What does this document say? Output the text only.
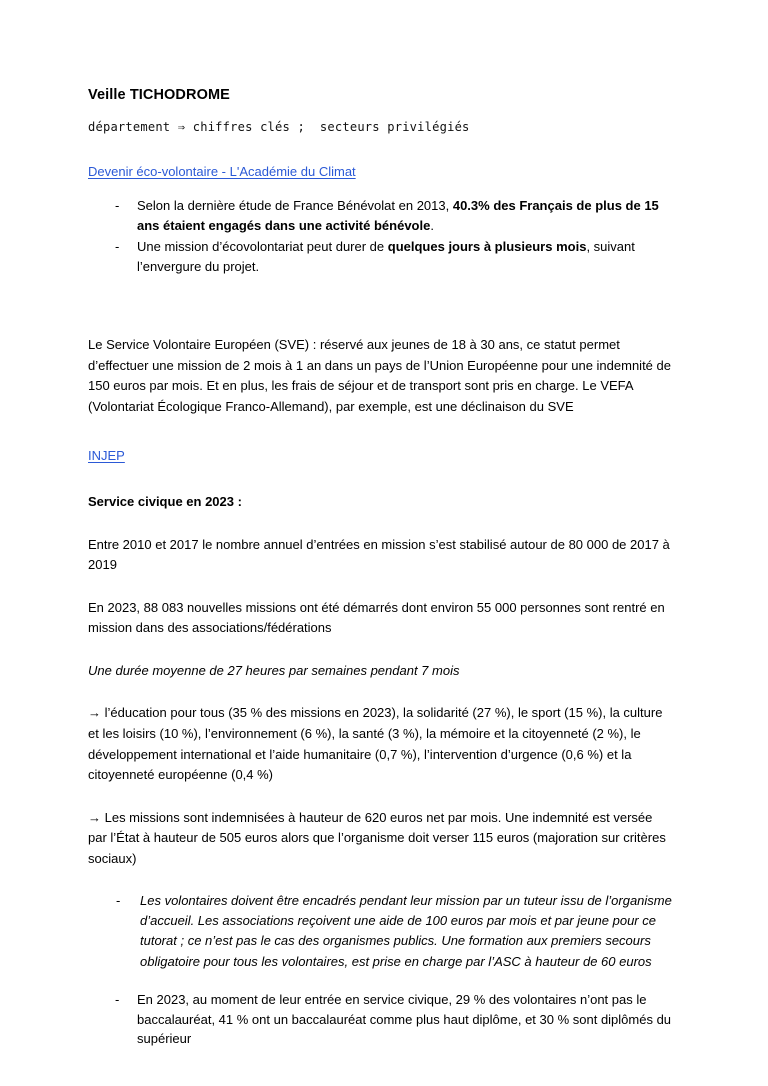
Veille TICHODROME
département ⇒ chiffres clés ;  secteurs privilégiés
Devenir éco-volontaire - L'Académie du Climat
- Selon la dernière étude de France Bénévolat en 2013, 40.3% des Français de plus de 15 ans étaient engagés dans une activité bénévole.
- Une mission d’écovolontariat peut durer de quelques jours à plusieurs mois, suivant l’envergure du projet.

Le Service Volontaire Européen (SVE) : réservé aux jeunes de 18 à 30 ans, ce statut permet d’effectuer une mission de 2 mois à 1 an dans un pays de l’Union Européenne pour une indemnité de 150 euros par mois. Et en plus, les frais de séjour et de transport sont pris en charge. Le VEFA (Volontariat Écologique Franco-Allemand), par exemple, est une déclinaison du SVE

INJEP

Service civique en 2023 :

Entre 2010 et 2017 le nombre annuel d’entrées en mission s’est stabilisé autour de 80 000 de 2017 à 2019

En 2023, 88 083 nouvelles missions ont été démarrés dont environ 55 000 personnes sont rentré en mission dans des associations/fédérations

Une durée moyenne de 27 heures par semaines pendant 7 mois

→ l’éducation pour tous (35 % des missions en 2023), la solidarité (27 %), le sport (15 %), la culture et les loisirs (10 %), l’environnement (6 %), la santé (3 %), la mémoire et la citoyenneté (2 %), le développement international et l’aide humanitaire (0,7 %), l’intervention d’urgence (0,6 %) et la citoyenneté européenne (0,4 %)

→ Les missions sont indemnisées à hauteur de 620 euros net par mois. Une indemnité est versée par l’État à hauteur de 505 euros alors que l’organisme doit verser 115 euros (majoration sur critères sociaux)

- Les volontaires doivent être encadrés pendant leur mission par un tuteur issu de l’organisme d’accueil. Les associations reçoivent une aide de 100 euros par mois et par jeune pour ce tutorat ; ce n’est pas le cas des organismes publics. Une formation aux premiers secours obligatoire pour tous les volontaires, est prise en charge par l’ASC à hauteur de 60 euros
- En 2023, au moment de leur entrée en service civique, 29 % des volontaires n’ont pas le baccalauréat, 41 % ont un baccalauréat comme plus haut diplôme, et 30 % sont diplômés du supérieur
